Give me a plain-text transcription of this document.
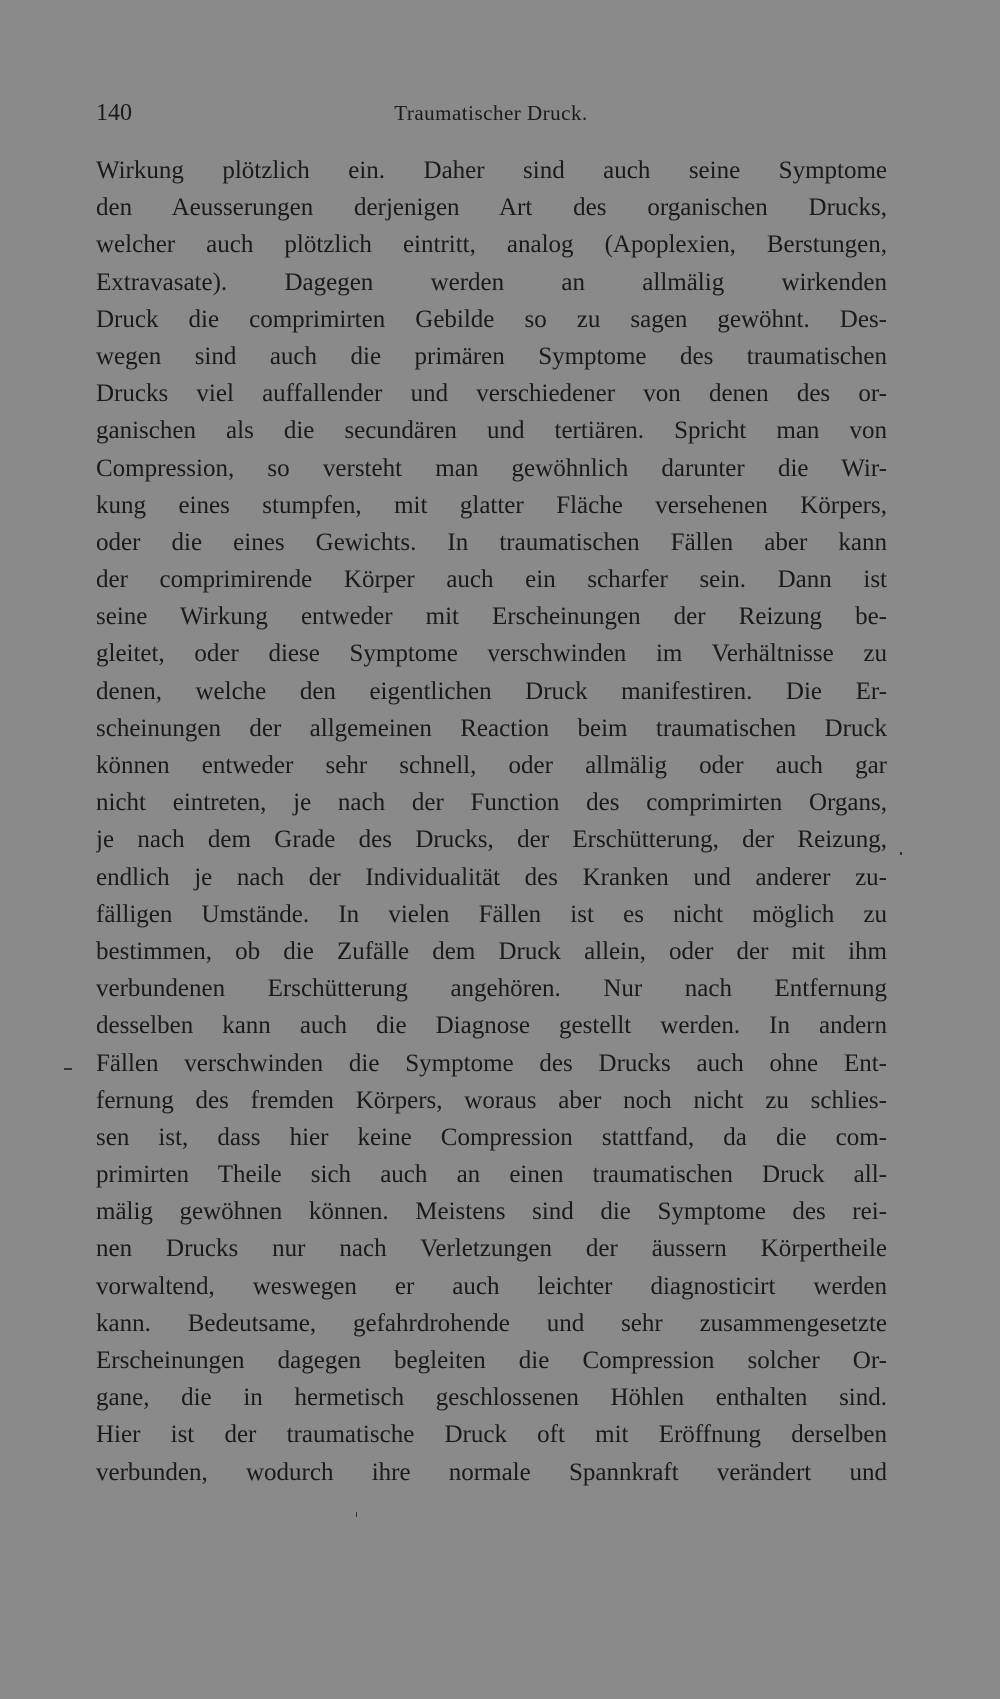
140	Traumatischer Druck.
Wirkung plötzlich ein. Daher sind auch seine Symptome
den Aeusserungen derjenigen Art des organischen Drucks,
welcher auch plötzlich eintritt, analog (Apoplexien, Berstungen,
Extravasate). Dagegen werden an allmälig wirkenden
Druck die comprimirten Gebilde so zu sagen gewöhnt. Des-
wegen sind auch die primären Symptome des traumatischen
Drucks viel auffallender und verschiedener von denen des or-
ganischen als die secundären und tertiären. Spricht man von
Compression, so versteht man gewöhnlich darunter die Wir-
kung eines stumpfen, mit glatter Fläche versehenen Körpers,
oder die eines Gewichts. In traumatischen Fällen aber kann
der comprimirende Körper auch ein scharfer sein. Dann ist
seine Wirkung entweder mit Erscheinungen der Reizung be-
gleitet, oder diese Symptome verschwinden im Verhältnisse zu
denen, welche den eigentlichen Druck manifestiren. Die Er-
scheinungen der allgemeinen Reaction beim traumatischen Druck
können entweder sehr schnell, oder allmälig oder auch gar
nicht eintreten, je nach der Function des comprimirten Organs,
je nach dem Grade des Drucks, der Erschütterung, der Reizung,
endlich je nach der Individualität des Kranken und anderer zu-
fälligen Umstände. In vielen Fällen ist es nicht möglich zu
bestimmen, ob die Zufälle dem Druck allein, oder der mit ihm
verbundenen Erschütterung angehören. Nur nach Entfernung
desselben kann auch die Diagnose gestellt werden. In andern
Fällen verschwinden die Symptome des Drucks auch ohne Ent-
fernung des fremden Körpers, woraus aber noch nicht zu schlies-
sen ist, dass hier keine Compression stattfand, da die com-
primirten Theile sich auch an einen traumatischen Druck all-
mälig gewöhnen können. Meistens sind die Symptome des rei-
nen Drucks nur nach Verletzungen der äussern Körpertheile
vorwaltend, weswegen er auch leichter diagnosticirt werden
kann. Bedeutsame, gefahrdrohende und sehr zusammengesetzte
Erscheinungen dagegen begleiten die Compression solcher Or-
gane, die in hermetisch geschlossenen Höhlen enthalten sind.
Hier ist der traumatische Druck oft mit Eröffnung derselben
verbunden, wodurch ihre normale Spannkraft verändert und
